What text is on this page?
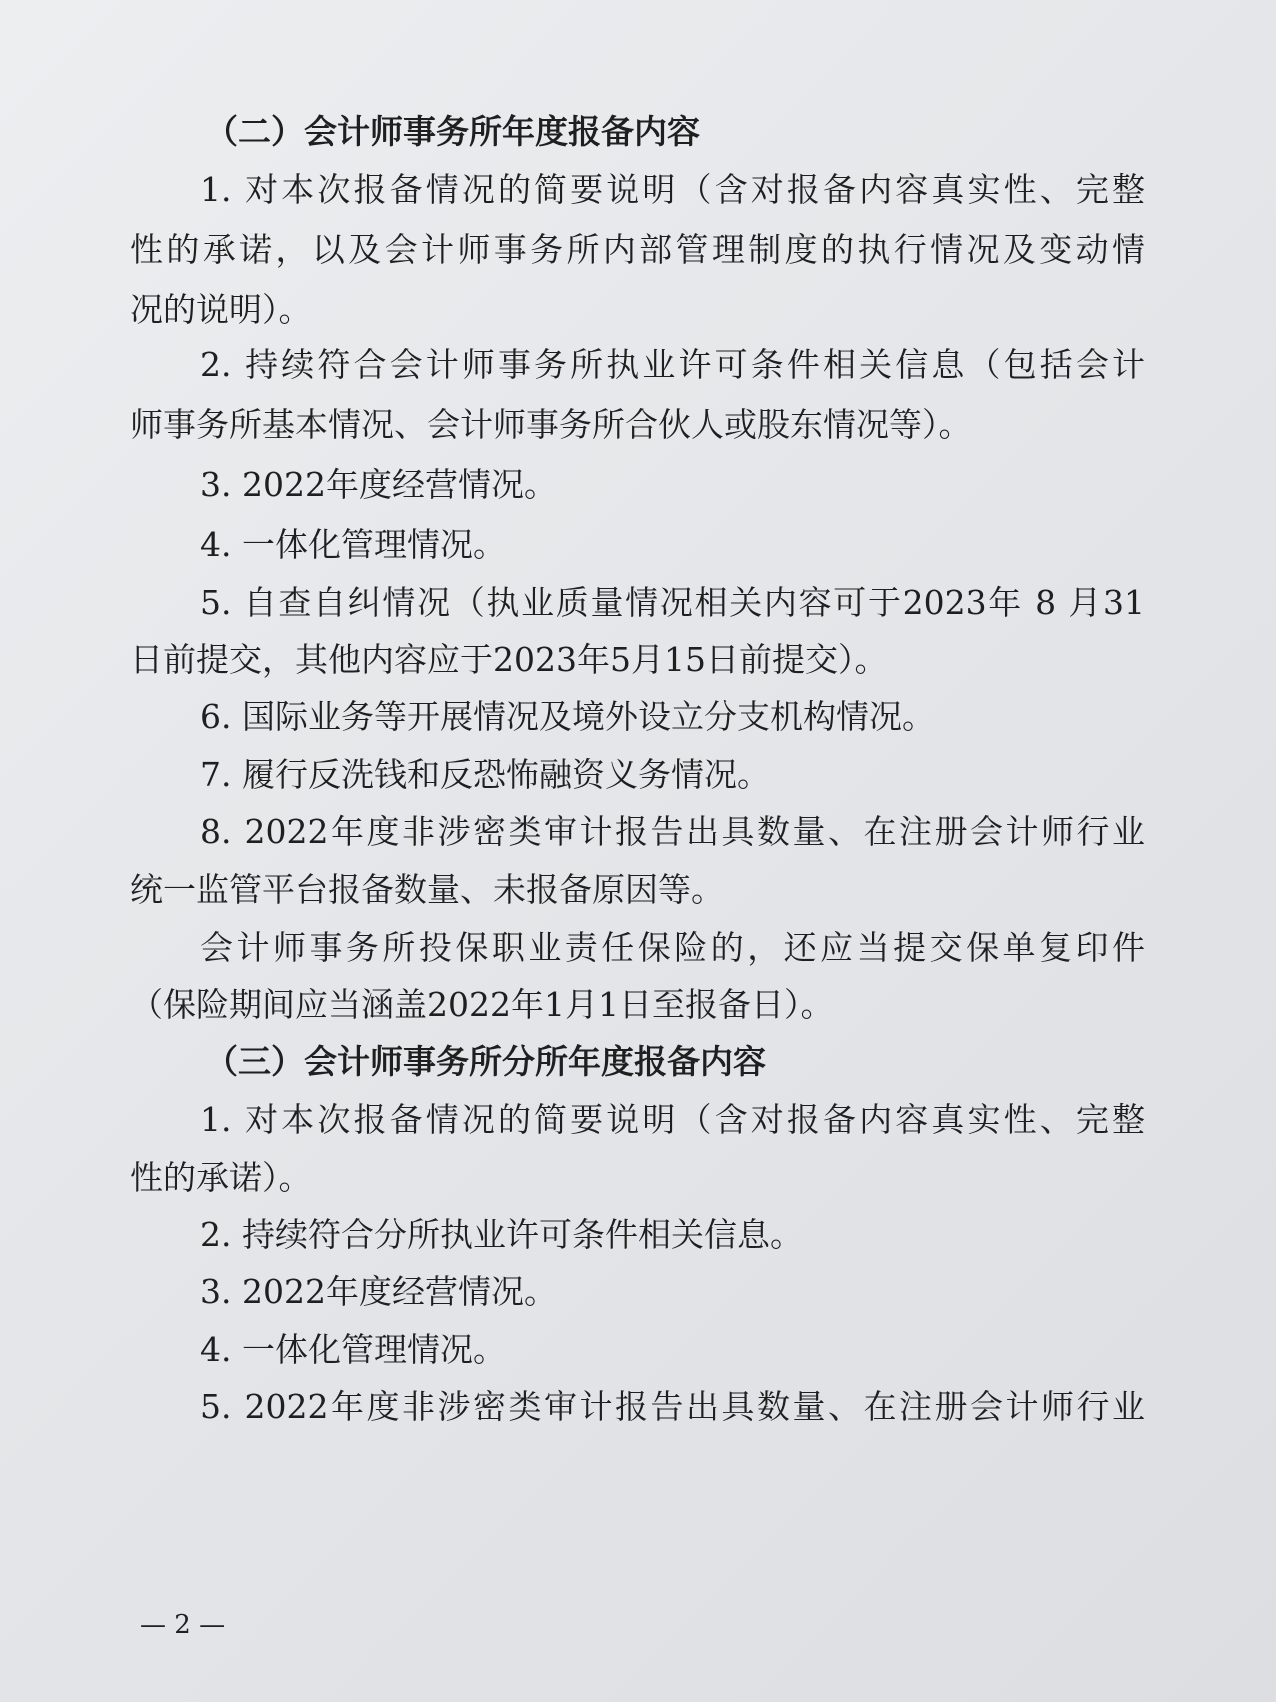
（二）会计师事务所年度报备内容
1. 对本次报备情况的简要说明（含对报备内容真实性、完整
性的承诺，以及会计师事务所内部管理制度的执行情况及变动情
况的说明）。
2. 持续符合会计师事务所执业许可条件相关信息（包括会计
师事务所基本情况、会计师事务所合伙人或股东情况等）。
3. 2022年度经营情况。
4. 一体化管理情况。
5. 自查自纠情况（执业质量情况相关内容可于2023年 8 月31
日前提交，其他内容应于2023年5月15日前提交）。
6. 国际业务等开展情况及境外设立分支机构情况。
7. 履行反洗钱和反恐怖融资义务情况。
8. 2022年度非涉密类审计报告出具数量、在注册会计师行业
统一监管平台报备数量、未报备原因等。
会计师事务所投保职业责任保险的，还应当提交保单复印件
（保险期间应当涵盖2022年1月1日至报备日）。
（三）会计师事务所分所年度报备内容
1. 对本次报备情况的简要说明（含对报备内容真实性、完整
性的承诺）。
2. 持续符合分所执业许可条件相关信息。
3. 2022年度经营情况。
4. 一体化管理情况。
5. 2022年度非涉密类审计报告出具数量、在注册会计师行业
— 2 —
